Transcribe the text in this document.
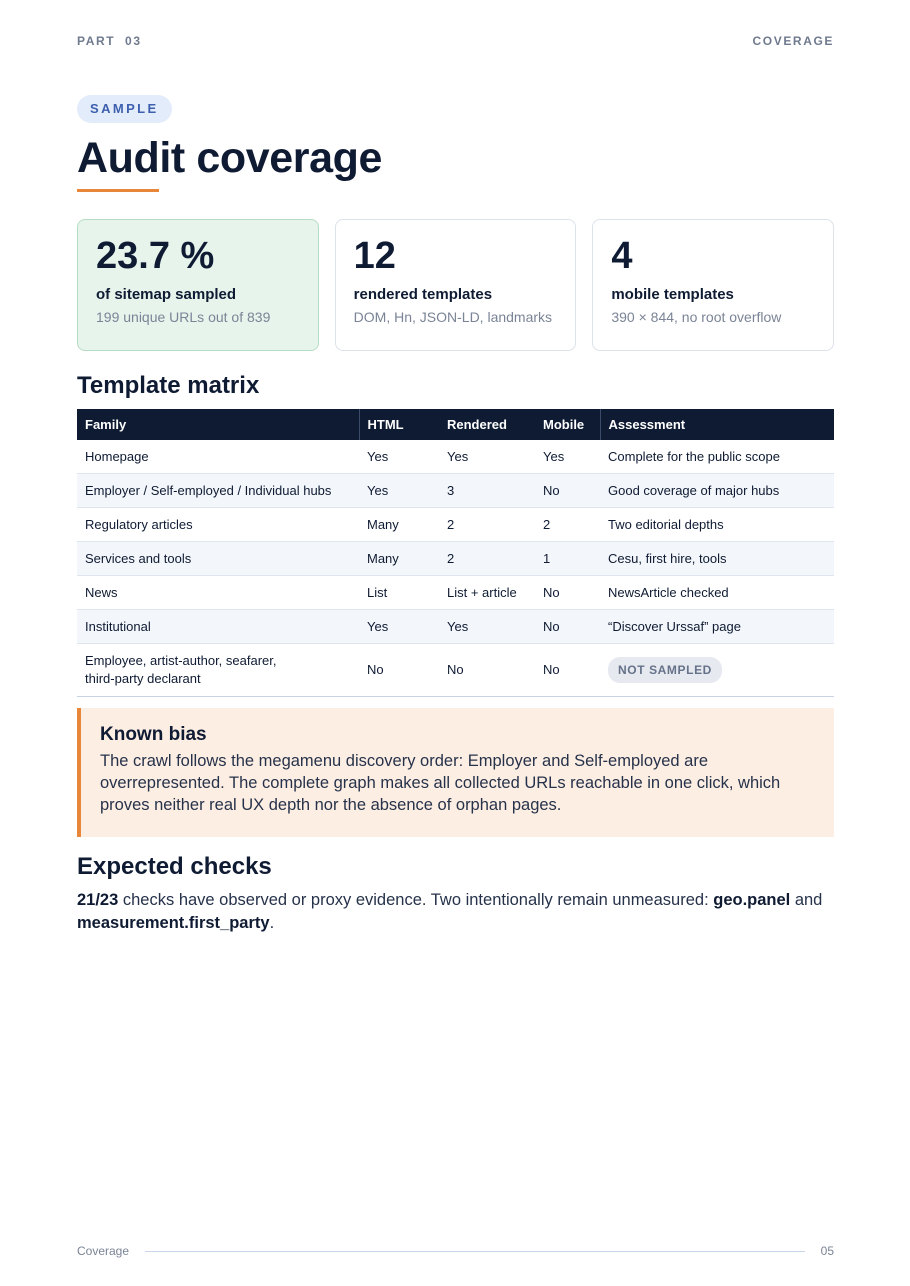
PART  03	COVERAGE
SAMPLE
Audit coverage
23.7 %
of sitemap sampled
199 unique URLs out of 839
12
rendered templates
DOM, Hn, JSON-LD, landmarks
4
mobile templates
390 × 844, no root overflow
Template matrix
Family	HTML	Rendered	Mobile	Assessment
Homepage	Yes	Yes	Yes	Complete for the public scope
Employer / Self-employed / Individual hubs	Yes	3	No	Good coverage of major hubs
Regulatory articles	Many	2	2	Two editorial depths
Services and tools	Many	2	1	Cesu, first hire, tools
News	List	List + article	No	NewsArticle checked
Institutional	Yes	Yes	No	“Discover Urssaf” page
Employee, artist-author, seafarer,
third-party declarant	No	No	No	NOT SAMPLED
Known bias

The crawl follows the megamenu discovery order: Employer and Self-employed are overrepresented. The complete graph makes all collected URLs reachable in one click, which proves neither real UX depth nor the absence of orphan pages.

Expected checks

21/23 checks have observed or proxy evidence. Two intentionally remain unmeasured: geo.panel and measurement.first_party.

Coverage	05
